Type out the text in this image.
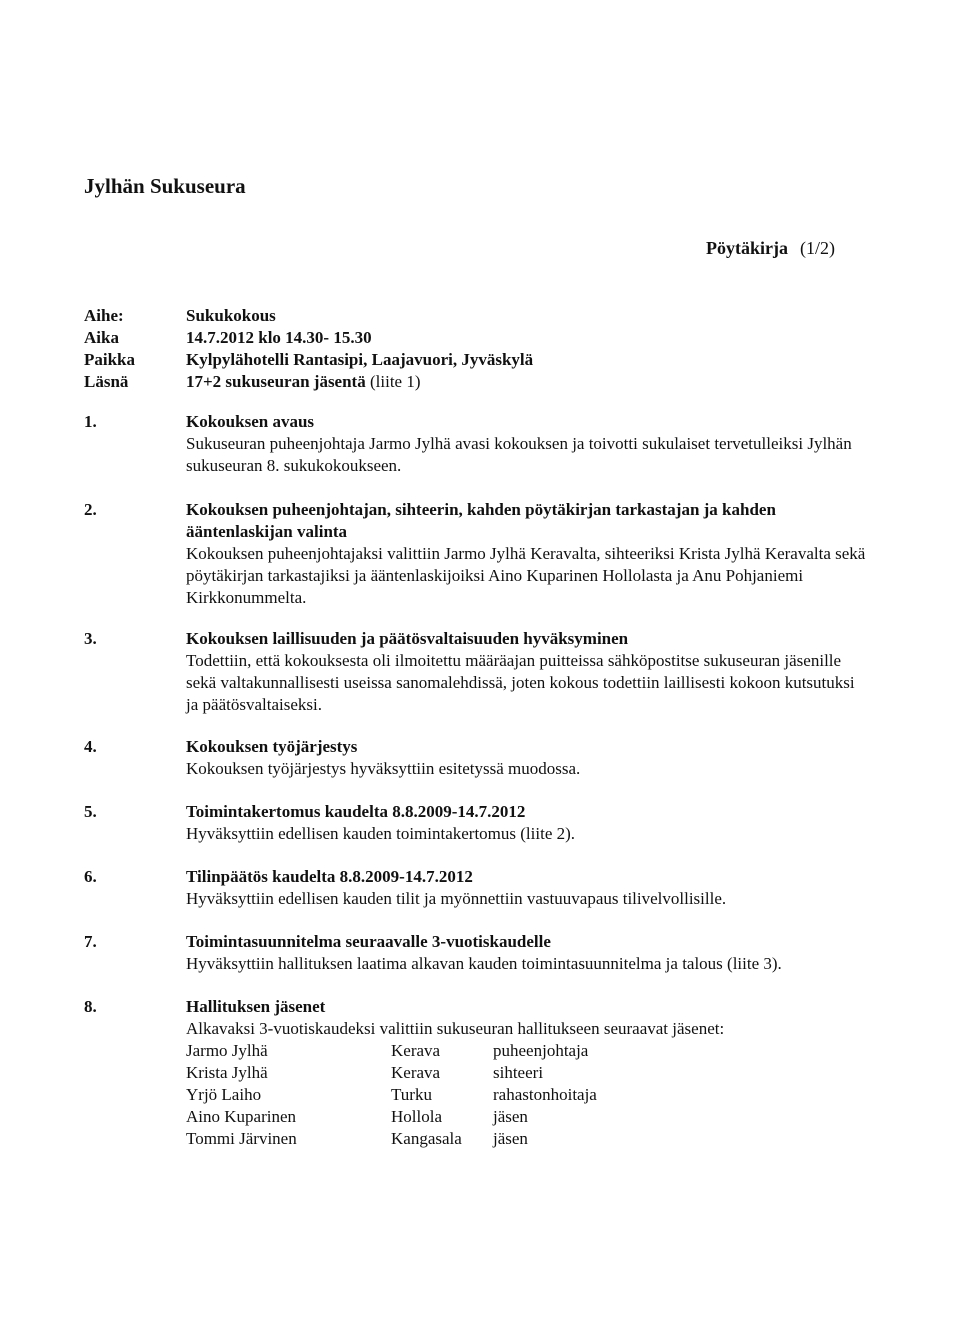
Jylhän Sukuseura
Pöytäkirja (1/2)
Aihe:	Sukukokous
Aika	14.7.2012 klo 14.30- 15.30
Paikka	Kylpylähotelli Rantasipi, Laajavuori, Jyväskylä
Läsnä	17+2 sukuseuran jäsentä (liite 1)
1.	Kokouksen avaus
Sukuseuran puheenjohtaja Jarmo Jylhä avasi kokouksen ja toivotti sukulaiset tervetulleiksi Jylhän sukuseuran 8. sukukokoukseen.
2.	Kokouksen puheenjohtajan, sihteerin, kahden pöytäkirjan tarkastajan ja kahden ääntenlaskijan valinta
Kokouksen puheenjohtajaksi valittiin Jarmo Jylhä Keravalta, sihteeriksi Krista Jylhä Keravalta sekä pöytäkirjan tarkastajiksi ja ääntenlaskijoiksi Aino Kuparinen Hollolasta ja Anu Pohjaniemi Kirkkonummelta.
3.	Kokouksen laillisuuden ja päätösvaltaisuuden hyväksyminen
Todettiin, että kokouksesta oli ilmoitettu määräajan puitteissa sähköpostitse sukuseuran jäsenille sekä valtakunnallisesti useissa sanomalehdissä, joten kokous todettiin laillisesti kokoon kutsutuksi ja päätösvaltaiseksi.
4.	Kokouksen työjärjestys
Kokouksen työjärjestys hyväksyttiin esitetyssä muodossa.
5.	Toimintakertomus kaudelta 8.8.2009-14.7.2012
Hyväksyttiin edellisen kauden toimintakertomus (liite 2).
6.	Tilinpäätös kaudelta 8.8.2009-14.7.2012
Hyväksyttiin edellisen kauden tilit ja myönnettiin vastuuvapaus tilivelvollisille.
7.	Toimintasuunnitelma seuraavalle 3-vuotiskaudelle
Hyväksyttiin hallituksen laatima alkavan kauden toimintasuunnitelma ja talous (liite 3).
8.	Hallituksen jäsenet
Alkavaksi 3-vuotiskaudeksi valittiin sukuseuran hallitukseen seuraavat jäsenet:
Jarmo Jylhä	Kerava	puheenjohtaja
Krista Jylhä	Kerava	sihteeri
Yrjö Laiho	Turku	rahastonhoitaja
Aino Kuparinen	Hollola	jäsen
Tommi Järvinen	Kangasala	jäsen
